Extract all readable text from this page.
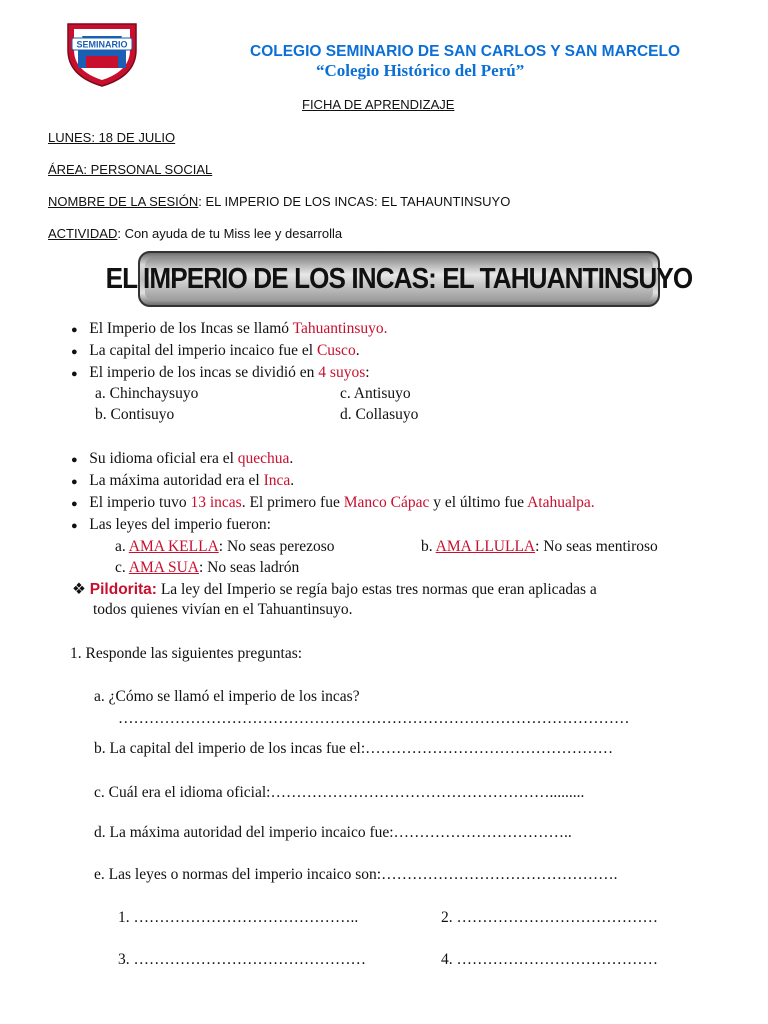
SEMINARIO	COLEGIO SEMINARIO DE SAN CARLOS Y SAN MARCELO
“Colegio Histórico del Perú”
FICHA DE APRENDIZAJE
LUNES: 18 DE JULIO
ÁREA: PERSONAL SOCIAL
NOMBRE DE LA SESIÓN: EL IMPERIO DE LOS INCAS: EL TAHAUNTINSUYO
ACTIVIDAD: Con ayuda de tu Miss lee y desarrolla
EL IMPERIO DE LOS INCAS: EL TAHUANTINSUYO
● El Imperio de los Incas se llamó Tahuantinsuyo.
● La capital del imperio incaico fue el Cusco.
● El imperio de los incas se dividió en 4 suyos:
a. Chinchaysuyo	c. Antisuyo
b. Contisuyo	d. Collasuyo
● Su idioma oficial era el quechua.
● La máxima autoridad era el Inca.
● El imperio tuvo 13 incas. El primero fue Manco Cápac y el último fue Atahualpa.
● Las leyes del imperio fueron:
a. AMA KELLA: No seas perezoso	b. AMA LLULLA: No seas mentiroso
c. AMA SUA: No seas ladrón
❖ Pildorita: La ley del Imperio se regía bajo estas tres normas que eran aplicadas a
todos quienes vivían en el Tahuantinsuyo.
1. Responde las siguientes preguntas:
a. ¿Cómo se llamó el imperio de los incas?
………………………………………………………………………………………
b. La capital del imperio de los incas fue el:…………………………………………
c. Cuál era el idioma oficial:……………………………………………….........
d. La máxima autoridad del imperio incaico fue:……………………………..
e. Las leyes o normas del imperio incaico son:……………………………………….
1. ……………………………………..	2. …………………………………
3. ………………………………………	4. …………………………………
